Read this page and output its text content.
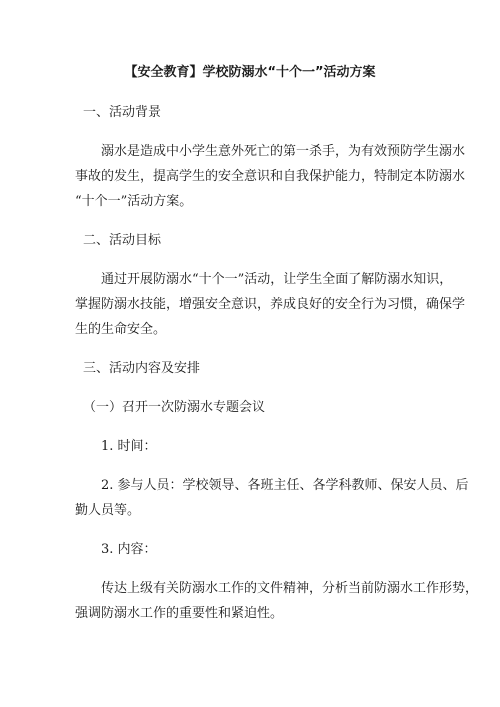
【安全教育】学校防溺水“十个一”活动方案
一、活动背景
溺水是造成中小学生意外死亡的第一杀手，为有效预防学生溺水
事故的发生，提高学生的安全意识和自我保护能力，特制定本防溺水
“十个一”活动方案。
二、活动目标
通过开展防溺水“十个一”活动，让学生全面了解防溺水知识，
掌握防溺水技能，增强安全意识，养成良好的安全行为习惯，确保学
生的生命安全。
三、活动内容及安排
（一）召开一次防溺水专题会议
1. 时间：
2. 参与人员：学校领导、各班主任、各学科教师、保安人员、后
勤人员等。
3. 内容：
传达上级有关防溺水工作的文件精神，分析当前防溺水工作形势，
强调防溺水工作的重要性和紧迫性。
